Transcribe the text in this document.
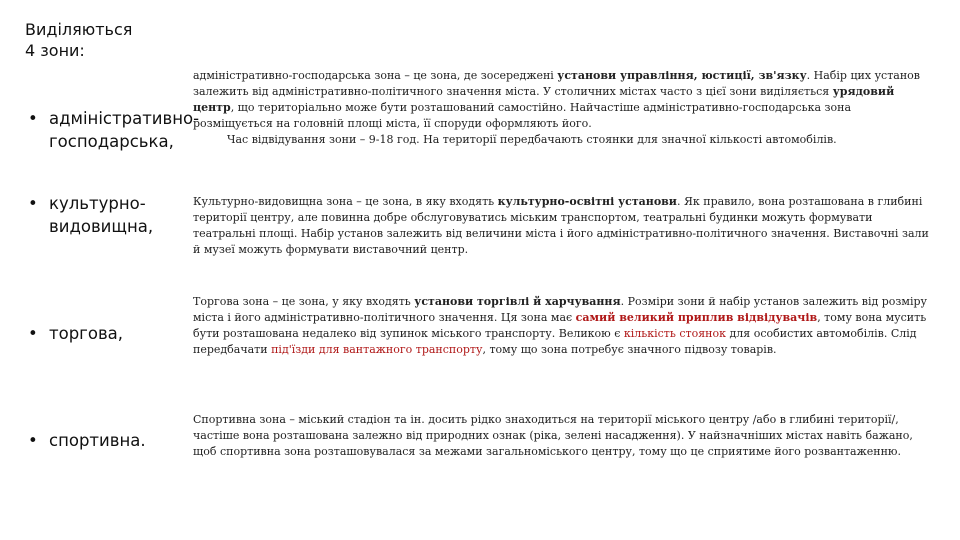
Виділяються
4 зони:
• адміністративно-
господарська,
• культурно-
видовищна,
• торгова,
• спортивна.

адміністративно-господарська зона – це зона, де зосереджені установи управління, юстиції, зв'язку. Набір цих установ залежить від адміністративно-політичного значення міста. У столичних містах часто з цієї зони виділяється урядовий центр, що територіально може бути розташований самостійно. Найчастіше адміністративно-господарська зона розміщується на головній площі міста, її споруди оформляють його.

Час відвідування зони – 9-18 год. На території передбачають стоянки для значної кількості автомобілів.

Культурно-видовищна зона – це зона, в яку входять культурно-освітні установи. Як правило, вона розташована в глибині території центру, але повинна добре обслуговуватись міським транспортом, театральні будинки можуть формувати театральні площі. Набір установ залежить від величини міста і його адміністративно-політичного значення. Виставочні зали й музеї можуть формувати виставочний центр.

Торгова зона – це зона, у яку входять установи торгівлі й харчування. Розміри зони й набір установ залежить від розміру міста і його адміністративно-політичного значення. Ця зона має самий великий приплив відвідувачів, тому вона мусить бути розташована недалеко від зупинок міського транспорту. Великою є кількість стоянок для особистих автомобілів. Слід передбачати під'їзди для вантажного транспорту, тому що зона потребує значного підвозу товарів.

Спортивна зона – міський стадіон та ін. досить рідко знаходиться на території міського центру /або в глибині території/, частіше вона розташована залежно від природних ознак (ріка, зелені насадження). У найзначніших містах навіть бажано, щоб спортивна зона розташовувалася за межами загальноміського центру, тому що це сприятиме його розвантаженню.
